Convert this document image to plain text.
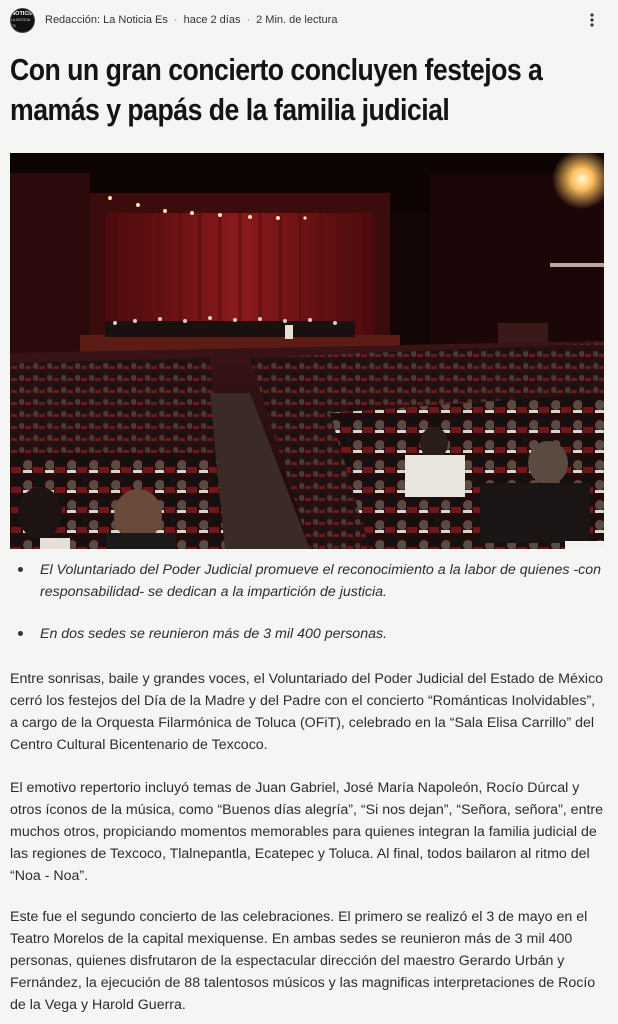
NOTICIA
LA NOTICIA ES	Redacción: La Noticia Es · hace 2 días · 2 Min. de lectura
Con un gran concierto concluyen festejos a mamás y papás de la familia judicial
El Voluntariado del Poder Judicial promueve el reconocimiento a la labor de quienes -con responsabilidad- se dedican a la impartición de justicia.
En dos sedes se reunieron más de 3 mil 400 personas.

Entre sonrisas, baile y grandes voces, el Voluntariado del Poder Judicial del Estado de México cerró los festejos del Día de la Madre y del Padre con el concierto “Románticas Inolvidables”, a cargo de la Orquesta Filarmónica de Toluca (OFiT), celebrado en la “Sala Elisa Carrillo” del Centro Cultural Bicentenario de Texcoco.

El emotivo repertorio incluyó temas de Juan Gabriel, José María Napoleón, Rocío Dúrcal y otros íconos de la música, como “Buenos días alegría”, “Si nos dejan”, “Señora, señora”, entre muchos otros, propiciando momentos memorables para quienes integran la familia judicial de las regiones de Texcoco, Tlalnepantla, Ecatepec y Toluca. Al final, todos bailaron al ritmo del “Noa - Noa”.

Este fue el segundo concierto de las celebraciones. El primero se realizó el 3 de mayo en el Teatro Morelos de la capital mexiquense. En ambas sedes se reunieron más de 3 mil 400 personas, quienes disfrutaron de la espectacular dirección del maestro Gerardo Urbán y Fernández, la ejecución de 88 talentosos músicos y las magnificas interpretaciones de Rocío de la Vega y Harold Guerra.
